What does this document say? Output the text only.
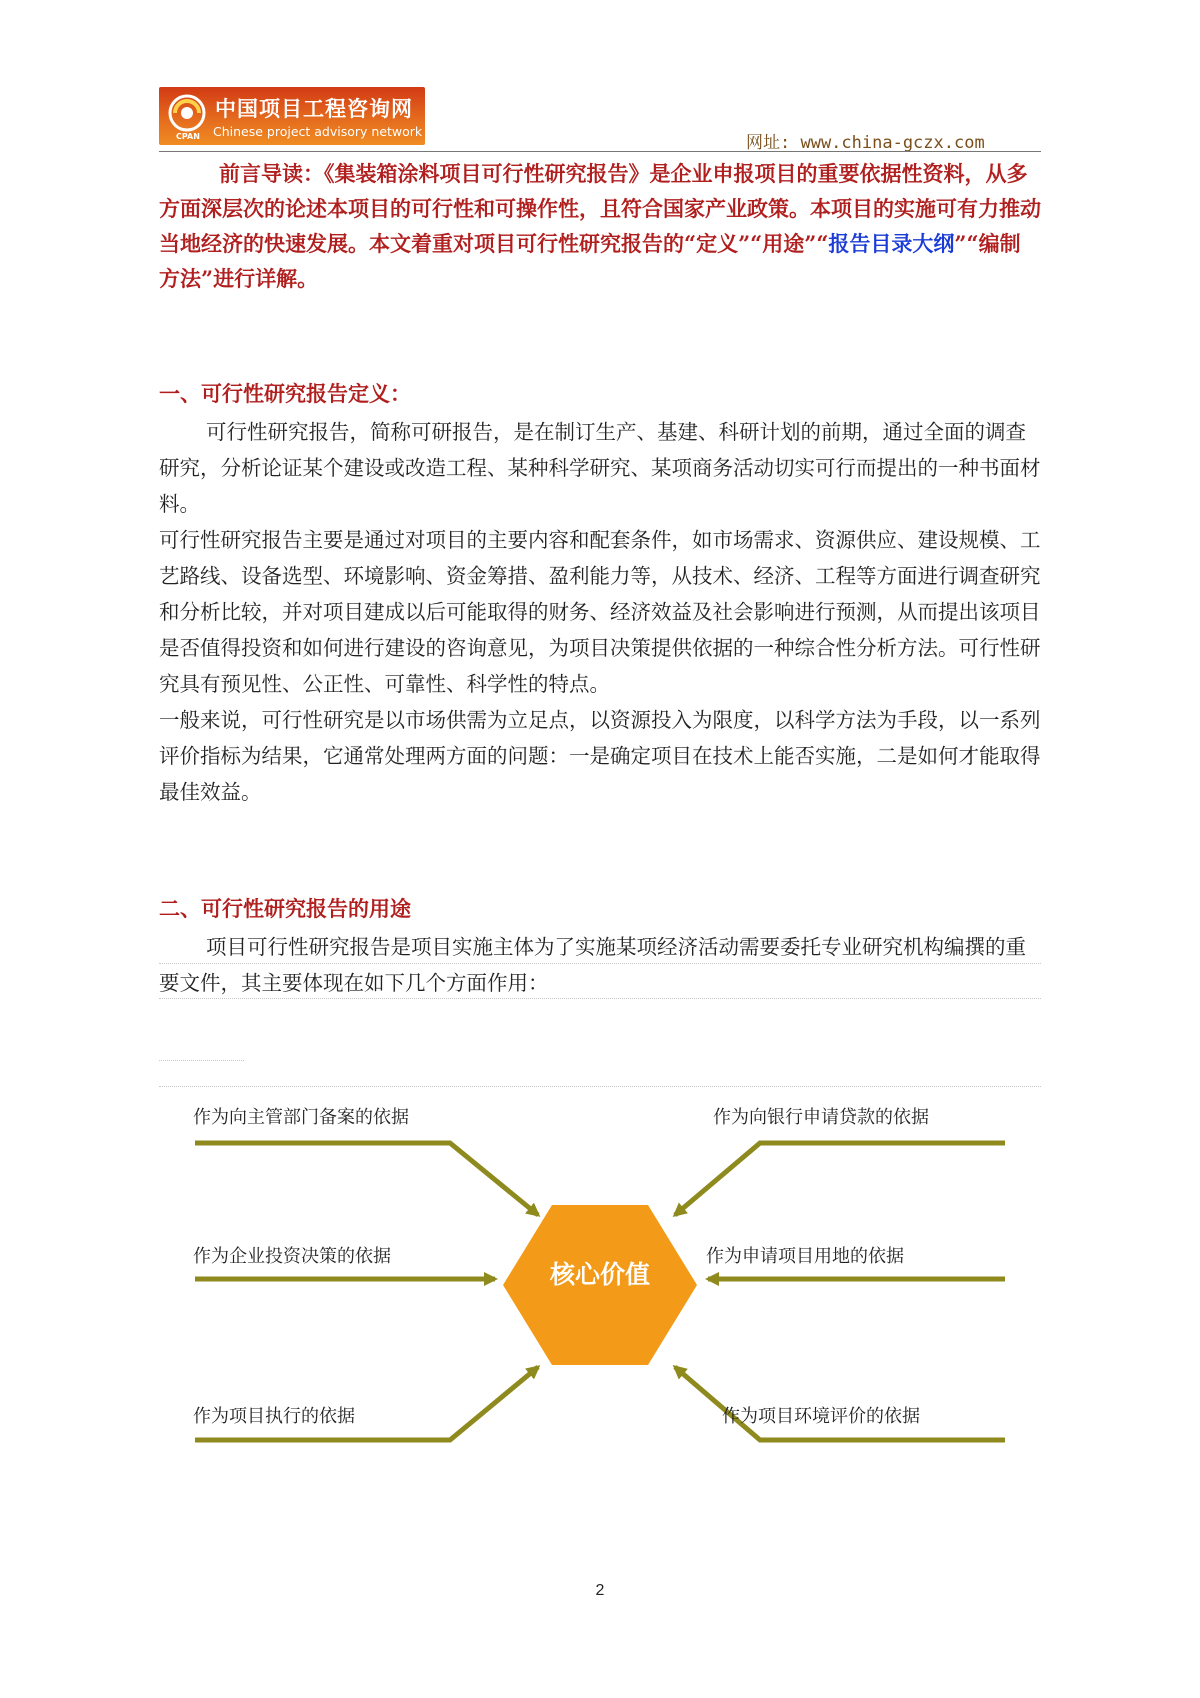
CPAN
中国项目工程咨询网
Chinese project advisory network
网址: www.china-gczx.com

前言导读：《集装箱涂料项目可行性研究报告》是企业申报项目的重要依据性资料，从多方面深层次的论述本项目的可行性和可操作性，且符合国家产业政策。本项目的实施可有力推动当地经济的快速发展。本文着重对项目可行性研究报告的“定义”“用途”“报告目录大纲”“编制方法”进行详解。

一、可行性研究报告定义：

可行性研究报告，简称可研报告，是在制订生产、基建、科研计划的前期，通过全面的调查研究，分析论证某个建设或改造工程、某种科学研究、某项商务活动切实可行而提出的一种书面材料。

可行性研究报告主要是通过对项目的主要内容和配套条件，如市场需求、资源供应、建设规模、工艺路线、设备选型、环境影响、资金筹措、盈利能力等，从技术、经济、工程等方面进行调查研究和分析比较，并对项目建成以后可能取得的财务、经济效益及社会影响进行预测，从而提出该项目是否值得投资和如何进行建设的咨询意见，为项目决策提供依据的一种综合性分析方法。可行性研究具有预见性、公正性、可靠性、科学性的特点。

一般来说，可行性研究是以市场供需为立足点，以资源投入为限度，以科学方法为手段，以一系列评价指标为结果，它通常处理两方面的问题：一是确定项目在技术上能否实施，二是如何才能取得最佳效益。

二、可行性研究报告的用途

项目可行性研究报告是项目实施主体为了实施某项经济活动需要委托专业研究机构编撰的重要文件，其主要体现在如下几个方面作用：

核心价值
作为向主管部门备案的依据
作为企业投资决策的依据
作为项目执行的依据
作为向银行申请贷款的依据
作为申请项目用地的依据
作为项目环境评价的依据
2
